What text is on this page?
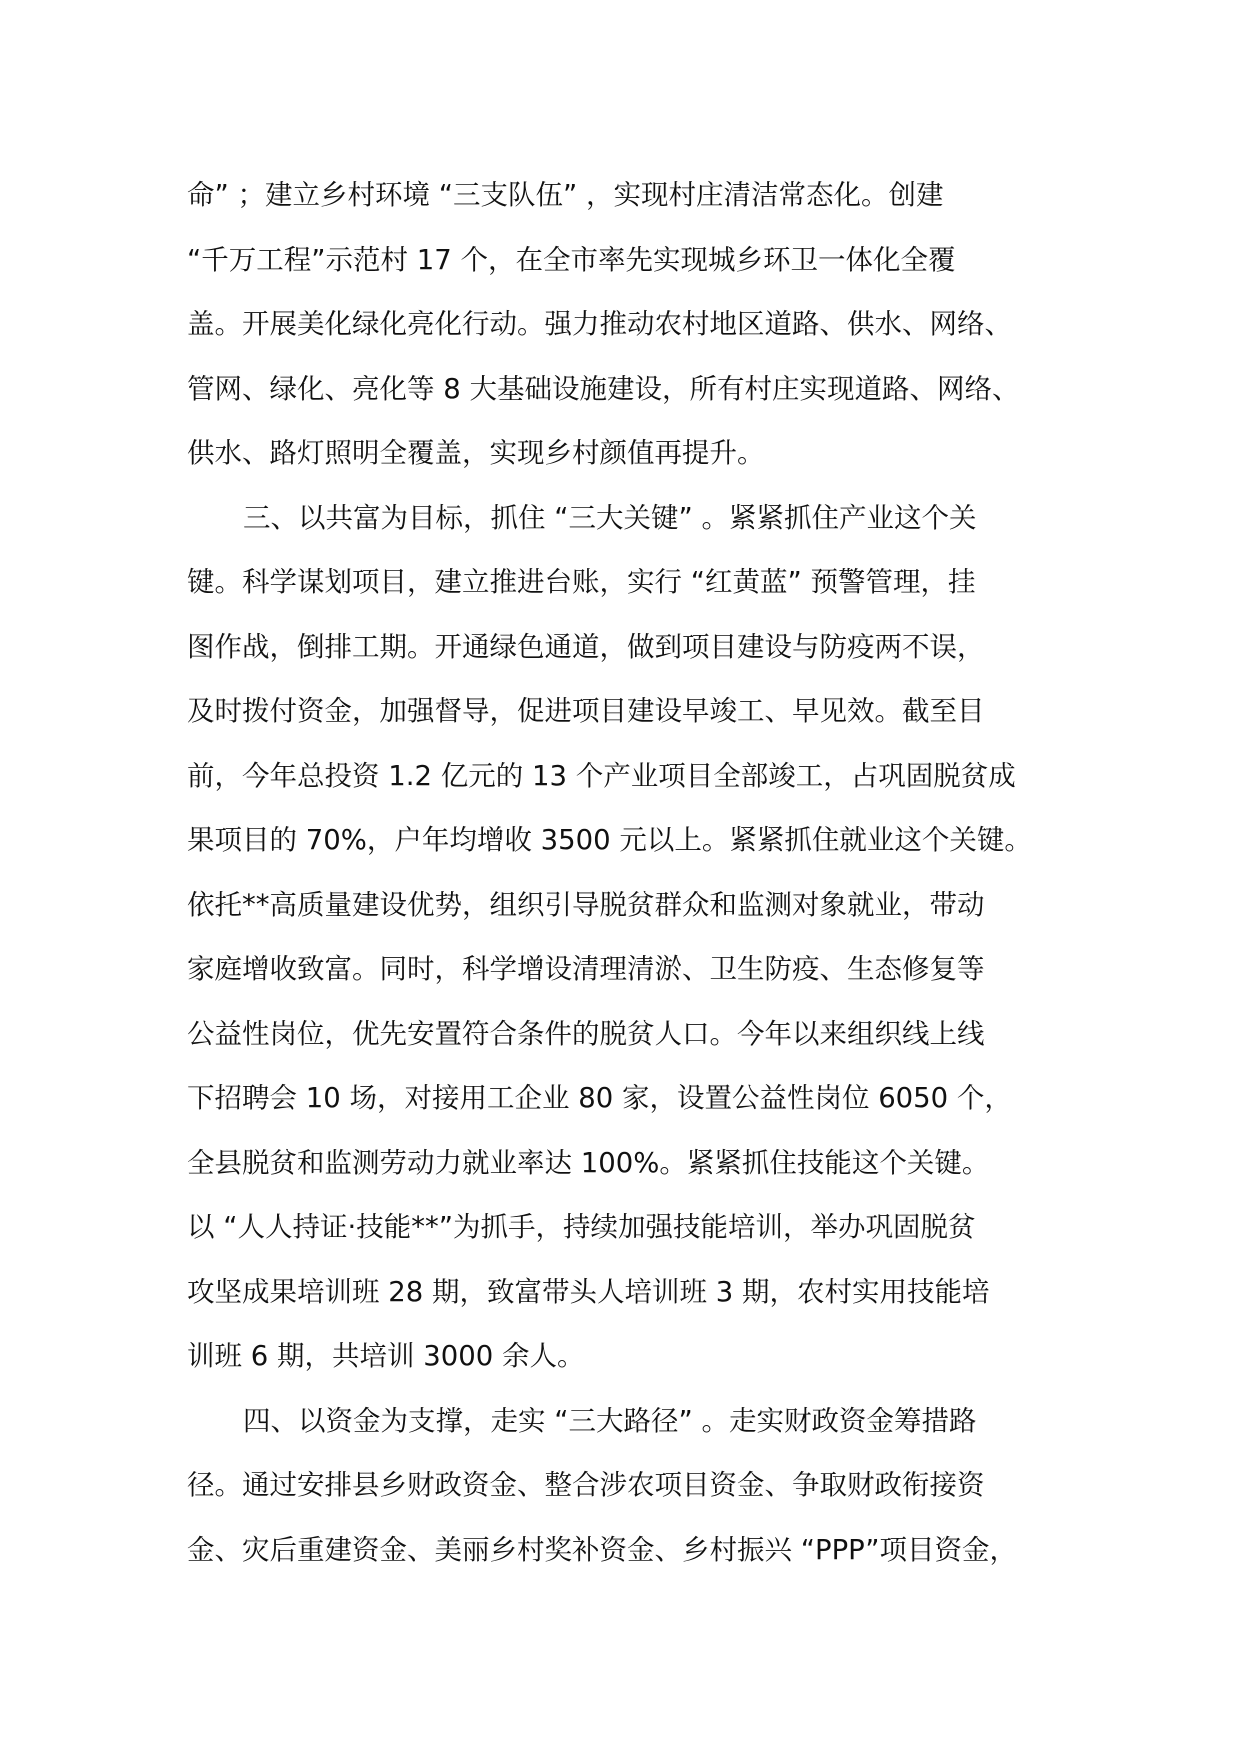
命” ；建立乡村环境 “三支队伍” ，实现村庄清洁常态化。创建
“千万工程”示范村 17 个，在全市率先实现城乡环卫一体化全覆
盖。开展美化绿化亮化行动。强力推动农村地区道路、供水、网络、
管网、绿化、亮化等 8 大基础设施建设，所有村庄实现道路、网络、
供水、路灯照明全覆盖，实现乡村颜值再提升。
三、以共富为目标，抓住 “三大关键” 。紧紧抓住产业这个关
键。科学谋划项目，建立推进台账，实行 “红黄蓝” 预警管理，挂
图作战，倒排工期。开通绿色通道，做到项目建设与防疫两不误，
及时拨付资金，加强督导，促进项目建设早竣工、早见效。截至目
前，今年总投资 1.2 亿元的 13 个产业项目全部竣工，占巩固脱贫成
果项目的 70%，户年均增收 3500 元以上。紧紧抓住就业这个关键。
依托**高质量建设优势，组织引导脱贫群众和监测对象就业，带动
家庭增收致富。同时，科学增设清理清淤、卫生防疫、生态修复等
公益性岗位，优先安置符合条件的脱贫人口。今年以来组织线上线
下招聘会 10 场，对接用工企业 80 家，设置公益性岗位 6050 个，
全县脱贫和监测劳动力就业率达 100%。紧紧抓住技能这个关键。
以 “人人持证·技能**”为抓手，持续加强技能培训，举办巩固脱贫
攻坚成果培训班 28 期，致富带头人培训班 3 期，农村实用技能培
训班 6 期，共培训 3000 余人。
四、以资金为支撑，走实 “三大路径” 。走实财政资金筹措路
径。通过安排县乡财政资金、整合涉农项目资金、争取财政衔接资
金、灾后重建资金、美丽乡村奖补资金、乡村振兴 “PPP”项目资金，
